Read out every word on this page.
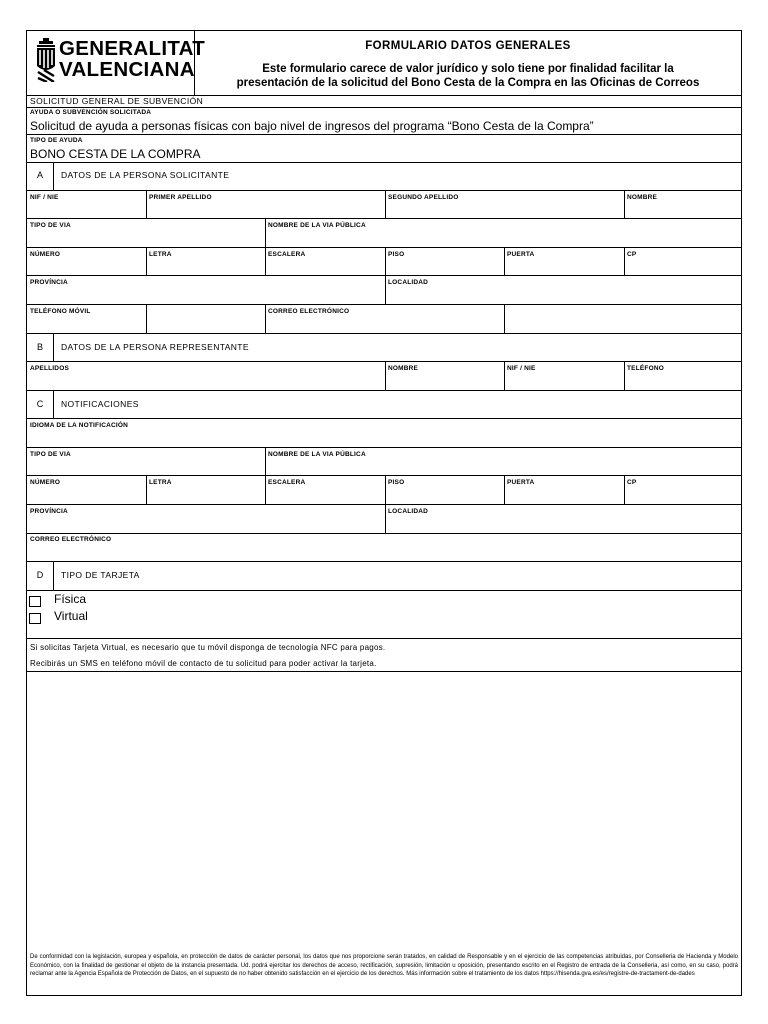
GENERALITAT
VALENCIANA
FORMULARIO DATOS GENERALES
Este formulario carece de valor jurídico y solo tiene por finalidad facilitar la
presentación de la solicitud del Bono Cesta de la Compra en las Oficinas de Correos
SOLICITUD GENERAL DE SUBVENCIÓN
AYUDA O SUBVENCIÓN SOLICITADA
Solicitud de ayuda a personas físicas con bajo nivel de ingresos del programa “Bono Cesta de la Compra”
TIPO DE AYUDA
BONO CESTA DE LA COMPRA
A	DATOS DE LA PERSONA SOLICITANTE
NIF / NIE	PRIMER APELLIDO	SEGUNDO APELLIDO	NOMBRE
TIPO DE VIA	NOMBRE DE LA VIA PÚBLICA
NÚMERO	LETRA	ESCALERA	PISO	PUERTA	CP
PROVÍNCIA	LOCALIDAD
TELÉFONO MÓVIL	CORREO ELECTRÓNICO
B	DATOS DE LA PERSONA REPRESENTANTE
APELLIDOS	NOMBRE	NIF / NIE	TELÉFONO
C	NOTIFICACIONES
IDIOMA DE LA NOTIFICACIÓN
TIPO DE VIA	NOMBRE DE LA VIA PÚBLICA
NÚMERO	LETRA	ESCALERA	PISO	PUERTA	CP
PROVÍNCIA	LOCALIDAD
CORREO ELECTRÓNICO
D	TIPO DE TARJETA
Física
Virtual
Si solicitas Tarjeta Virtual, es necesario que tu móvil disponga de tecnología NFC para pagos.
Recibirás un SMS en teléfono móvil de contacto de tu solicitud para poder activar la tarjeta.
De conformidad con la legislación, europea y española, en protección de datos de carácter personal, los datos que nos proporcione serán tratados, en calidad de Responsable y en el ejercicio de las competencias atribuidas, por Conselleria de Hacienda y Modelo Económico, con la finalidad de gestionar el objeto de la instancia presentada. Ud. podrá ejercitar los derechos de acceso, rectificación, supresión, limitación u oposición, presentando escrito en el Registro de entrada de la Conselleria, así como, en su caso, podrá reclamar ante la Agencia Española de Protección de Datos, en el supuesto de no haber obtenido satisfacción en el ejercicio de los derechos. Más información sobre el tratamiento de los datos https://hisenda.gva.es/es/registre-de-tractament-de-dades
